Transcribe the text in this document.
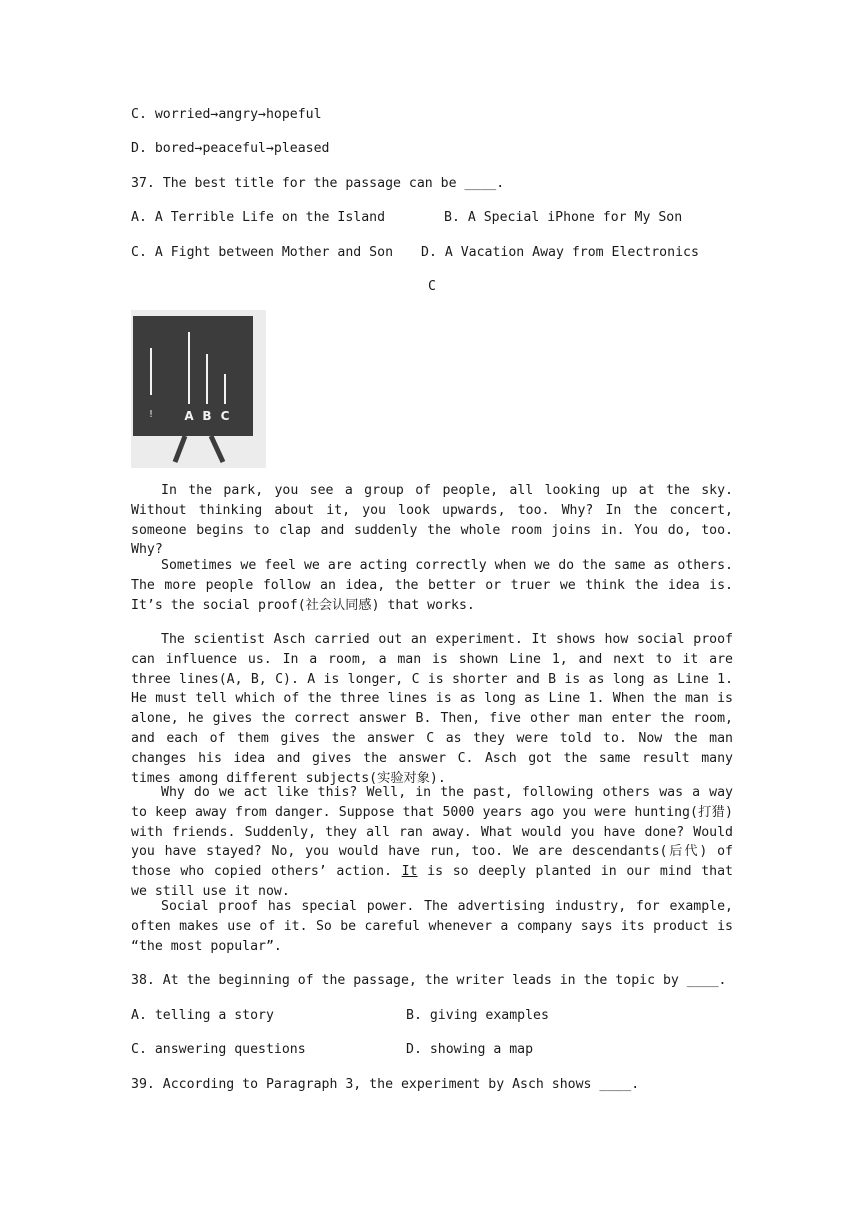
C. worried→angry→hopeful
D. bored→peaceful→pleased
37. The best title for the passage can be ____.
A. A Terrible Life on the Island	B. A Special iPhone for My Son
C. A Fight between Mother and Son D. A Vacation Away from Electronics
C
!	A B C
In the park, you see a group of people, all looking up at the sky. Without thinking about it, you look upwards, too. Why? In the concert, someone begins to clap and suddenly the whole room joins in. You do, too. Why?
Sometimes we feel we are acting correctly when we do the same as others. The more people follow an idea, the better or truer we think the idea is. It’s the social proof(社会认同感) that works.
The scientist Asch carried out an experiment. It shows how social proof can influence us. In a room, a man is shown Line 1, and next to it are three lines(A, B, C). A is longer, C is shorter and B is as long as Line 1. He must tell which of the three lines is as long as Line 1. When the man is alone, he gives the correct answer B. Then, five other man enter the room, and each of them gives the answer C as they were told to. Now the man changes his idea and gives the answer C. Asch got the same result many times among different subjects(实验对象).
Why do we act like this? Well, in the past, following others was a way to keep away from danger. Suppose that 5000 years ago you were hunting(打猎) with friends. Suddenly, they all ran away. What would you have done? Would you have stayed? No, you would have run, too. We are descendants(后代) of those who copied others’ action. It is so deeply planted in our mind that we still use it now.
Social proof has special power. The advertising industry, for example, often makes use of it. So be careful whenever a company says its product is “the most popular”.
38. At the beginning of the passage, the writer leads in the topic by ____.
A. telling a story	B. giving examples
C. answering questions	D. showing a map
39. According to Paragraph 3, the experiment by Asch shows ____.
